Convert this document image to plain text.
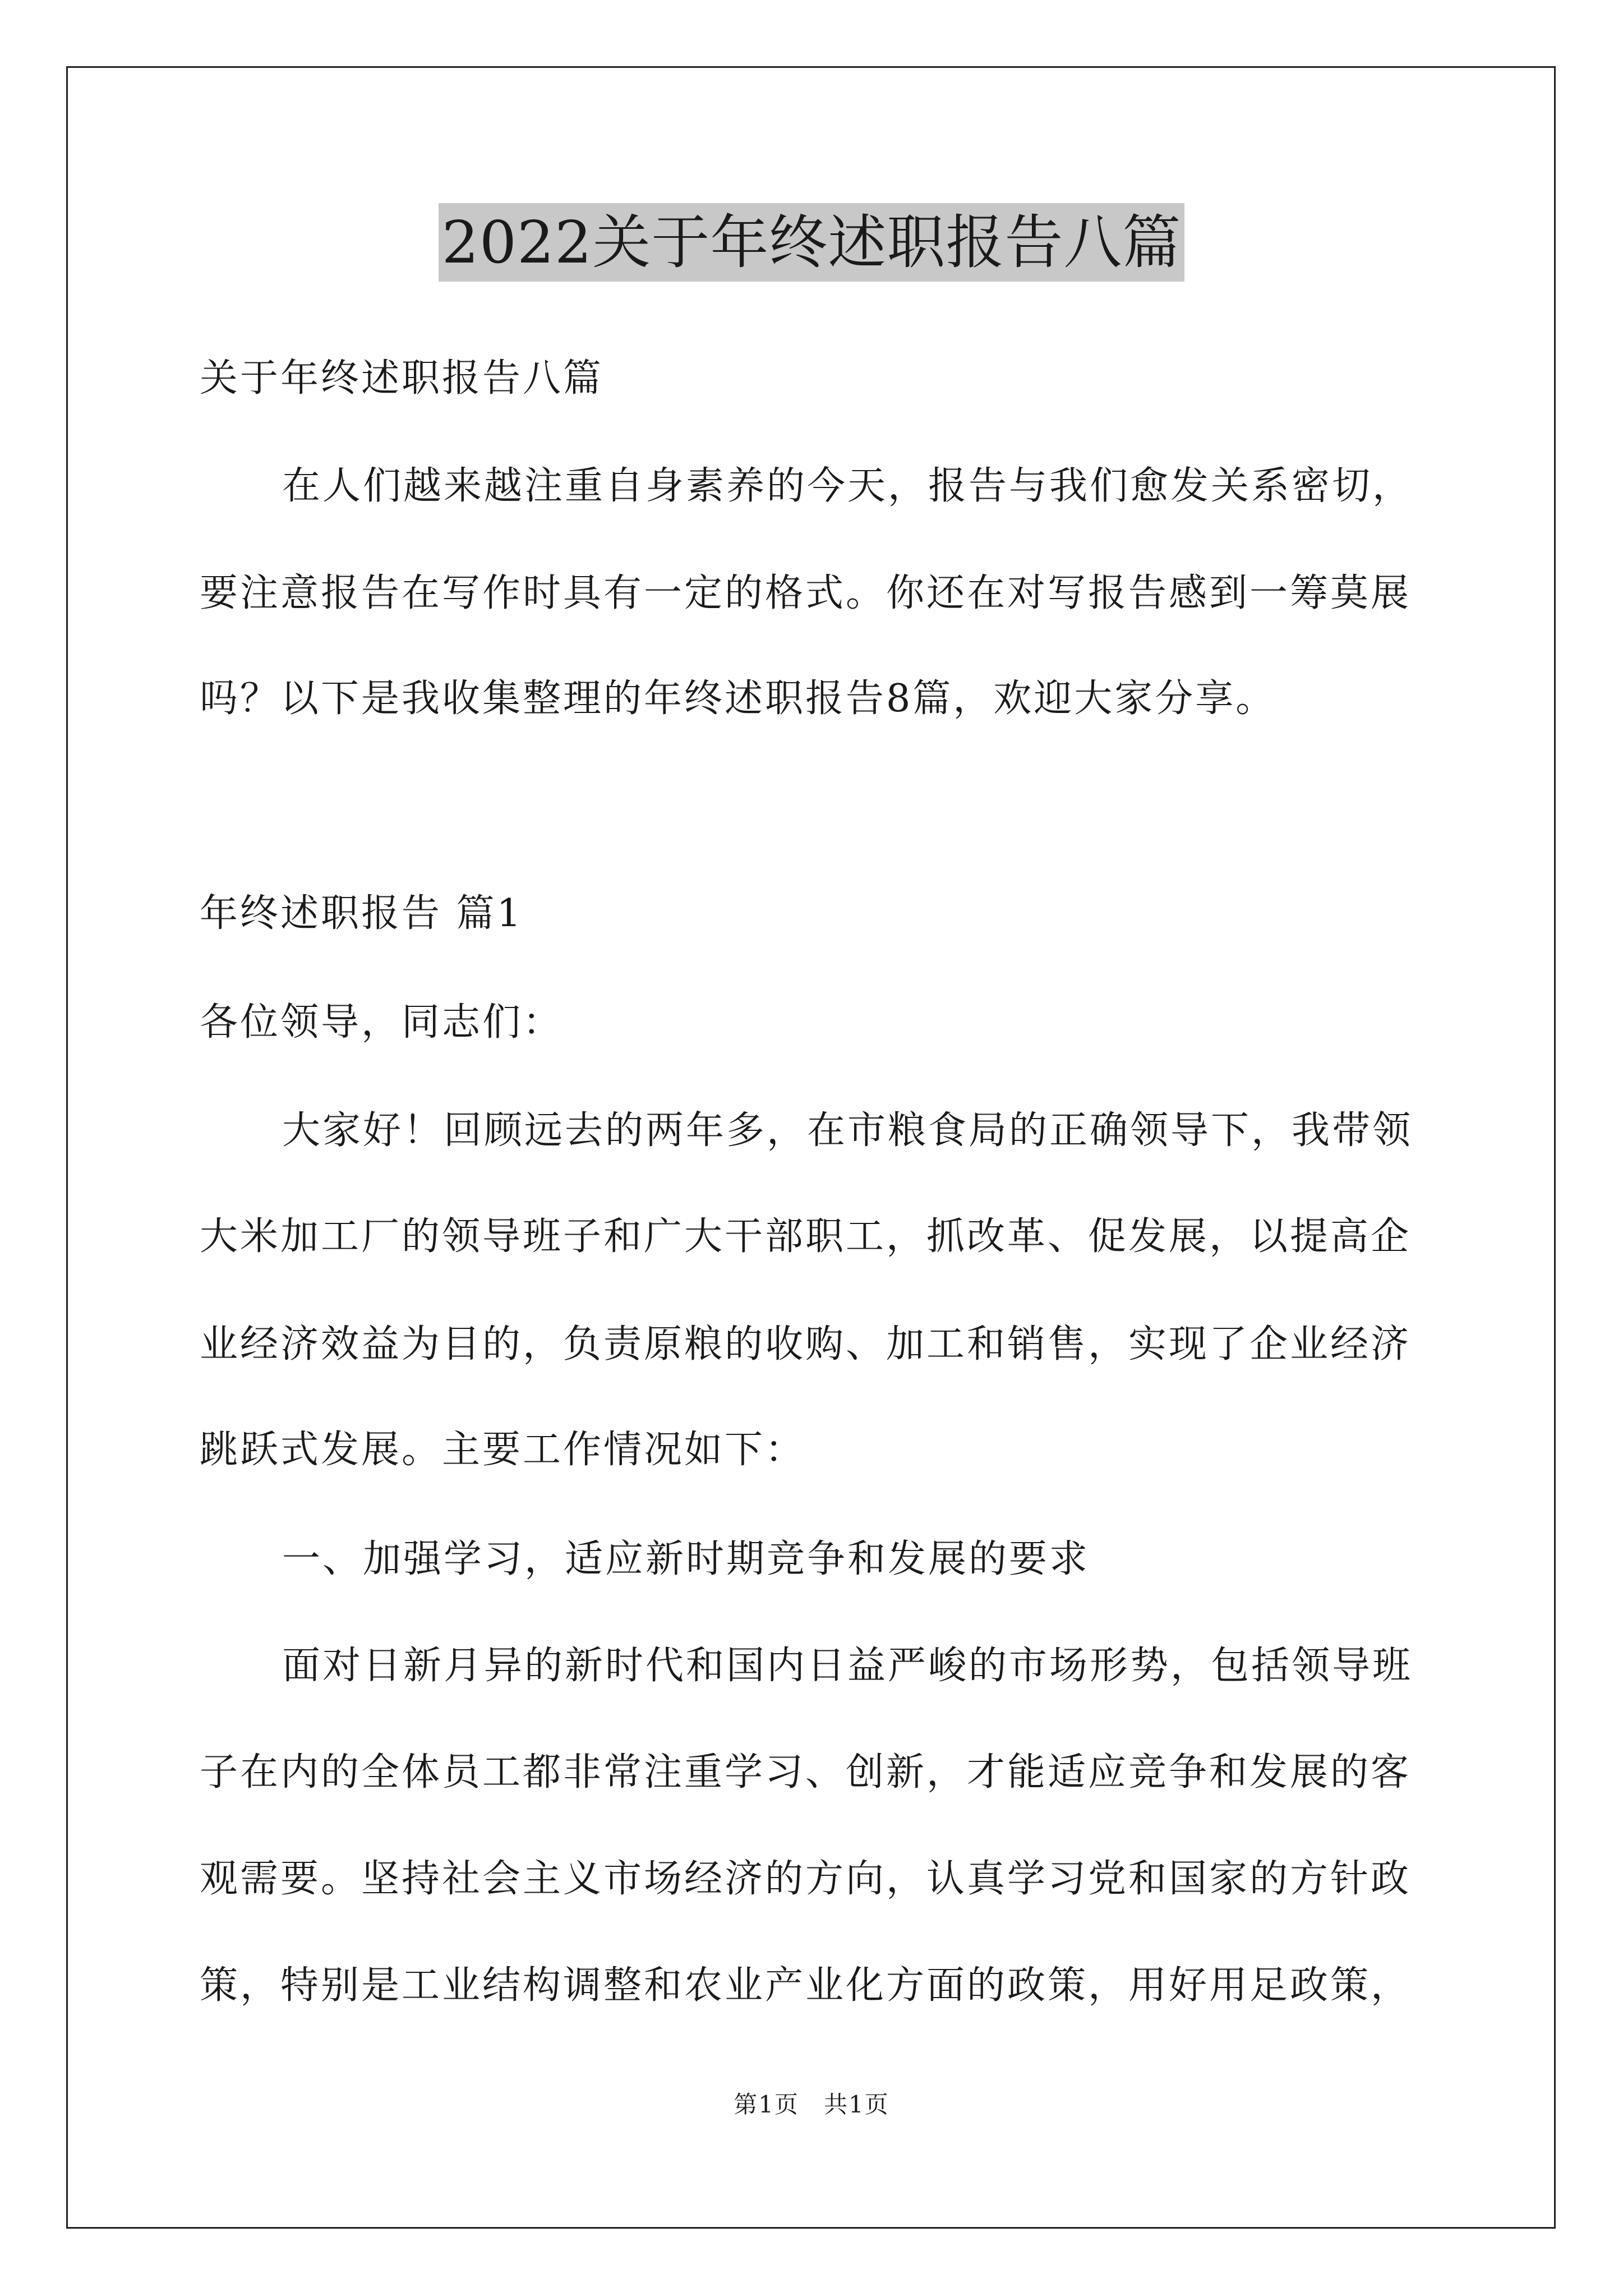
2022关于年终述职报告八篇
关于年终述职报告八篇
在人们越来越注重自身素养的今天，报告与我们愈发关系密切，
要注意报告在写作时具有一定的格式。你还在对写报告感到一筹莫展
吗？以下是我收集整理的年终述职报告8篇，欢迎大家分享。
年终述职报告 篇1
各位领导，同志们：
大家好！回顾远去的两年多，在市粮食局的正确领导下，我带领
大米加工厂的领导班子和广大干部职工，抓改革、促发展，以提高企
业经济效益为目的，负责原粮的收购、加工和销售，实现了企业经济
跳跃式发展。主要工作情况如下：
一、加强学习，适应新时期竞争和发展的要求
面对日新月异的新时代和国内日益严峻的市场形势，包括领导班
子在内的全体员工都非常注重学习、创新，才能适应竞争和发展的客
观需要。坚持社会主义市场经济的方向，认真学习党和国家的方针政
策，特别是工业结构调整和农业产业化方面的政策，用好用足政策，
第1页　共1页
